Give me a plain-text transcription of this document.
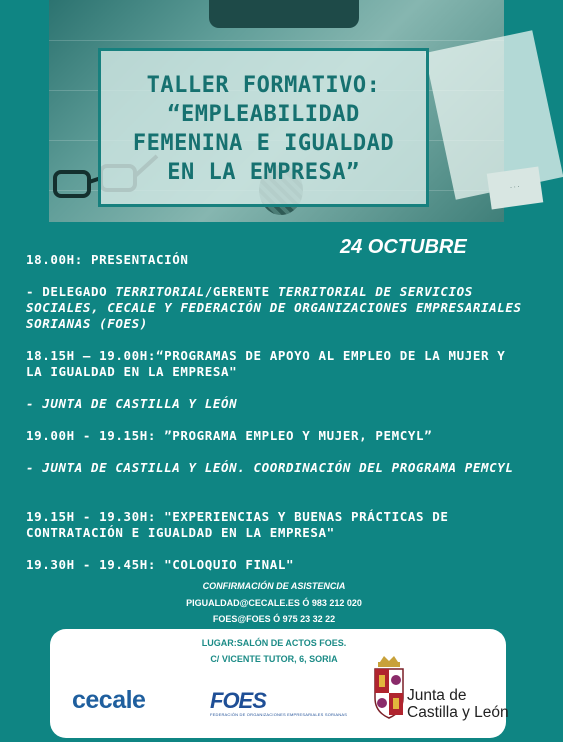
· · ·
TALLER FORMATIVO:
“EMPLEABILIDAD
FEMENINA E IGUALDAD
EN LA EMPRESA”
24 OCTUBRE

18.00H: PRESENTACIÓN

- DELEGADO TERRITORIAL/GERENTE TERRITORIAL DE SERVICIOS SOCIALES, CECALE Y FEDERACIÓN DE ORGANIZACIONES EMPRESARIALES SORIANAS (FOES)

18.15H – 19.00H:“PROGRAMAS DE APOYO AL EMPLEO DE LA MUJER Y LA IGUALDAD EN LA EMPRESA"

- JUNTA DE CASTILLA Y LEÓN

19.00H - 19.15H: ”PROGRAMA EMPLEO Y MUJER, PEMCYL”

- JUNTA DE CASTILLA Y LEÓN. COORDINACIÓN DEL PROGRAMA PEMCYL

19.15H - 19.30H: "EXPERIENCIAS Y BUENAS PRÁCTICAS DE CONTRATACIÓN E IGUALDAD EN LA EMPRESA"

19.30H - 19.45H: "COLOQUIO FINAL"

CONFIRMACIÓN DE ASISTENCIA
PIGUALDAD@CECALE.ES Ó 983 212 020
FOES@FOES Ó 975 23 32 22
LUGAR:SALÓN DE ACTOS FOES.
C/ VICENTE TUTOR, 6, SORIA
cecale	FOES
FEDERACIÓN DE ORGANIZACIONES EMPRESARIALES SORIANAS
Junta de
Castilla y León
